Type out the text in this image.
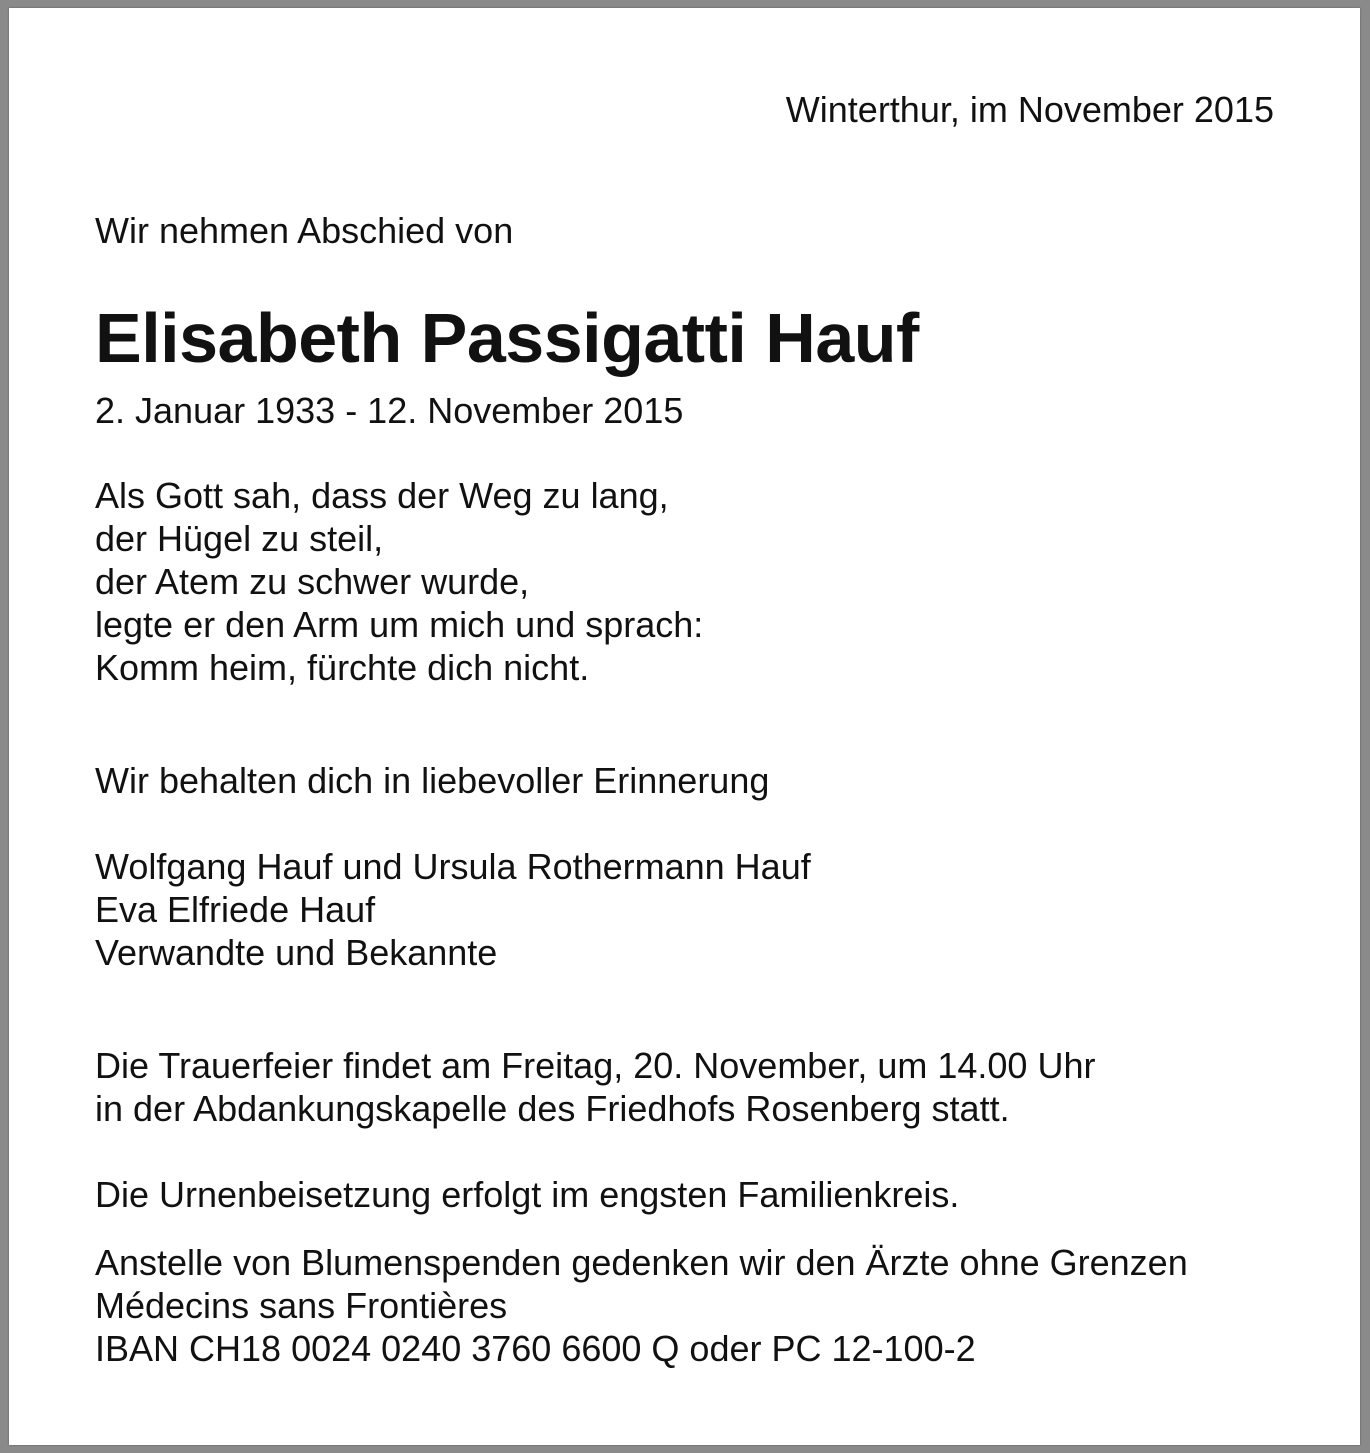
Winterthur, im November 2015

Wir nehmen Abschied von

Elisabeth Passigatti Hauf

2. Januar 1933 - 12. November 2015

Als Gott sah, dass der Weg zu lang,
der Hügel zu steil,
der Atem zu schwer wurde,
legte er den Arm um mich und sprach:
Komm heim, fürchte dich nicht.

Wir behalten dich in liebevoller Erinnerung

Wolfgang Hauf und Ursula Rothermann Hauf
Eva Elfriede Hauf
Verwandte und Bekannte
Die Trauerfeier findet am Freitag, 20. November, um 14.00 Uhr
in der Abdankungskapelle des Friedhofs Rosenberg statt.

Die Urnenbeisetzung erfolgt im engsten Familienkreis.

Anstelle von Blumenspenden gedenken wir den Ärzte ohne Grenzen
Médecins sans Frontières
IBAN CH18 0024 0240 3760 6600 Q oder PC 12-100-2
